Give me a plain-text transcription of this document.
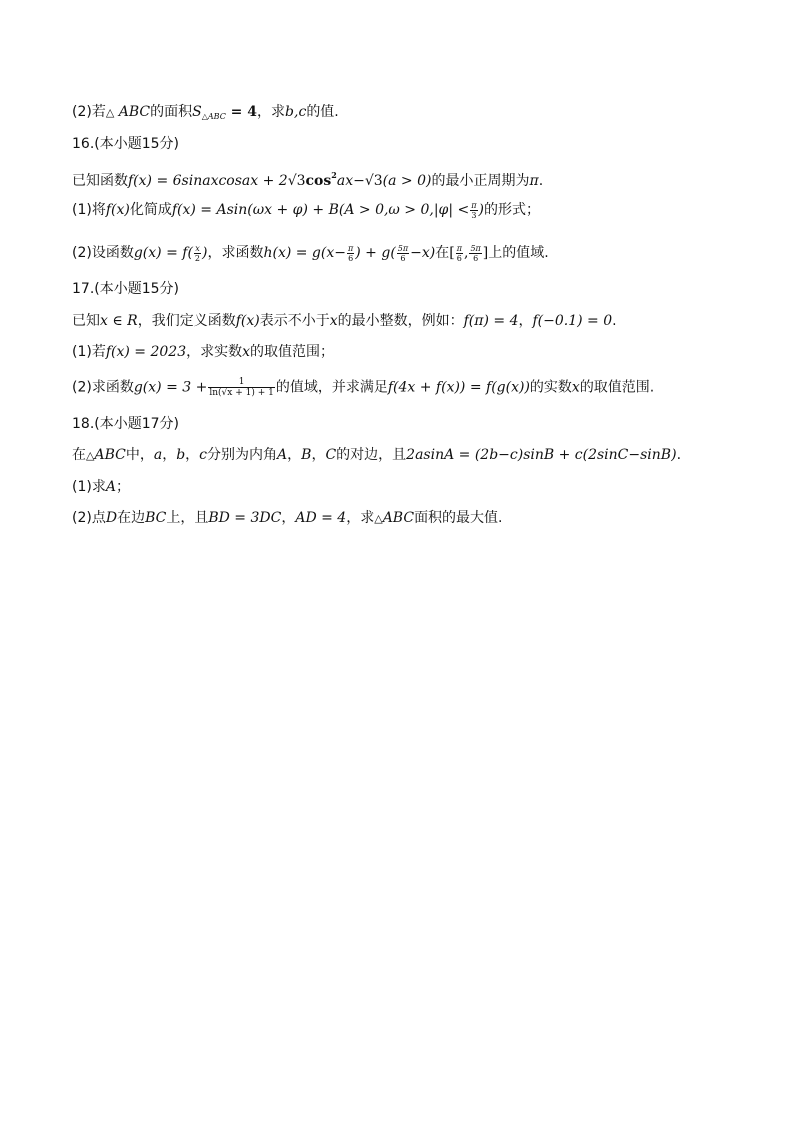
(2)若△ ABC的面积$S_{\triangle ABC} = 4$，求b,c的值.
16.(本小题15分)
已知函数f(x) = 6sinaxcosax + $2√3\cos^2ax-√3(a > 0)$的最小正周期为π.
(1)将f(x)化简成$f(x) = Asin(\omega x + \varphi) + B(A > 0,\omega > 0,|\varphi| < \frac{\pi}{3}$ )的形式；
(2)设函数$g(x) = f( \frac{x}{2}$ )，求函数$h(x) = g(x- \frac{\pi}{6}$ ) + $g( \frac{5\pi}{6} -x)$在[ $\frac{\pi}{6}$ , $\frac{5\pi}{6}$ ]上的值域.
17.(本小题15分)
已知x ∈ R，我们定义函数f(x)表示不小于x的最小整数，例如：f(π) = 4，f(−0.1) = 0.
(1)若f(x) = 2023，求实数x的取值范围；
(2)求函数$g(x) = 3 + \frac{1}{\ln(√x + 1) + 1}$ 的值域，并求满足f(4x + f(x)) = f(g(x))的实数x的取值范围.
18.(本小题17分)
在△ABC中，a，b，c分别为内角A，B，C的对边，且2asinA = (2b−c)sinB + c(2sinC−sinB).
(1)求A；
(2)点D在边BC上，且BD = 3DC，AD = 4，求△ABC面积的最大值.
